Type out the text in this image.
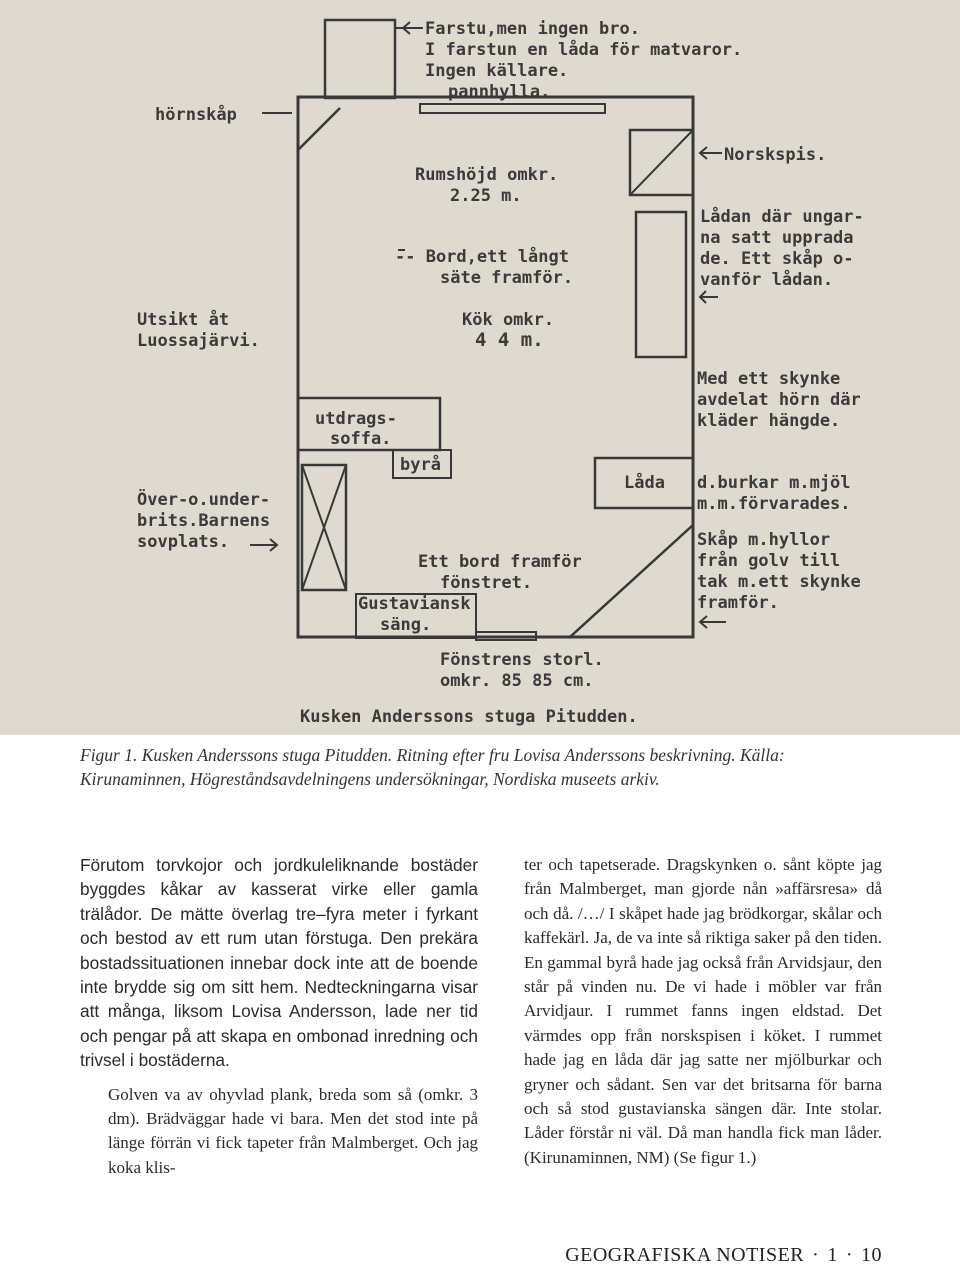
Farstu,men ingen bro.
I farstun en låda för matvaror.
Ingen källare.
pannhylla.
hörnskåp
Norskspis.
Rumshöjd omkr.
2.25 m.
-- Bord,ett långt
säte framför.
Lådan där ungar-
na satt upprada
de. Ett skåp o-
vanför lådan.
Utsikt åt
Luossajärvi.
Kök omkr.
4 4 m.
Med ett skynke
avdelat hörn där
kläder hängde.
utdrags-
soffa.
byrå
Låda d.burkar m.mjöl
m.m.förvarades.
Över-o.under-
brits.Barnens
sovplats.	Skåp m.hyllor
från golv till
tak m.ett skynke
framför.
Ett bord framför
fönstret.
Gustaviansk
säng.
Fönstrens storl.
omkr. 85 85 cm.
Kusken Anderssons stuga Pitudden.

Figur 1. Kusken Anderssons stuga Pitudden. Ritning efter fru Lovisa Anderssons beskrivning. Källa: Kirunaminnen, Högreståndsavdelningens undersökningar, Nordiska museets arkiv.

Förutom torvkojor och jordkuleliknande bostäder byggdes kåkar av kasserat virke eller gamla trälådor. De mätte överlag tre–fyra meter i fyrkant och bestod av ett rum utan förstuga. Den prekära bostadssituationen innebar dock inte att de boende inte brydde sig om sitt hem. Nedteckningarna visar att många, liksom Lovisa Andersson, lade ner tid och pengar på att skapa en ombonad inredning och trivsel i bostäderna.

Golven va av ohyvlad plank, breda som så (omkr. 3 dm). Brädväggar hade vi bara. Men det stod inte på länge förrän vi fick tapeter från Malmberget. Och jag koka klis-

ter och tapetserade. Dragskynken o. sånt köpte jag från Malmberget, man gjorde nån »affärsresa» då och då. /…/ I skåpet hade jag brödkorgar, skålar och kaffekärl. Ja, de va inte så riktiga saker på den tiden. En gammal byrå hade jag också från Arvidsjaur, den står på vinden nu. De vi hade i möbler var från Arvidjaur. I rummet fanns ingen eldstad. Det värmdes opp från norskspisen i köket. I rummet hade jag en låda där jag satte ner mjölburkar och gryner och sådant. Sen var det britsarna för barna och så stod gustavianska sängen där. Inte stolar. Låder förstår ni väl. Då man handla fick man låder. (Kirunaminnen, NM) (Se figur 1.)

GEOGRAFISKA NOTISER · 1 · 10
